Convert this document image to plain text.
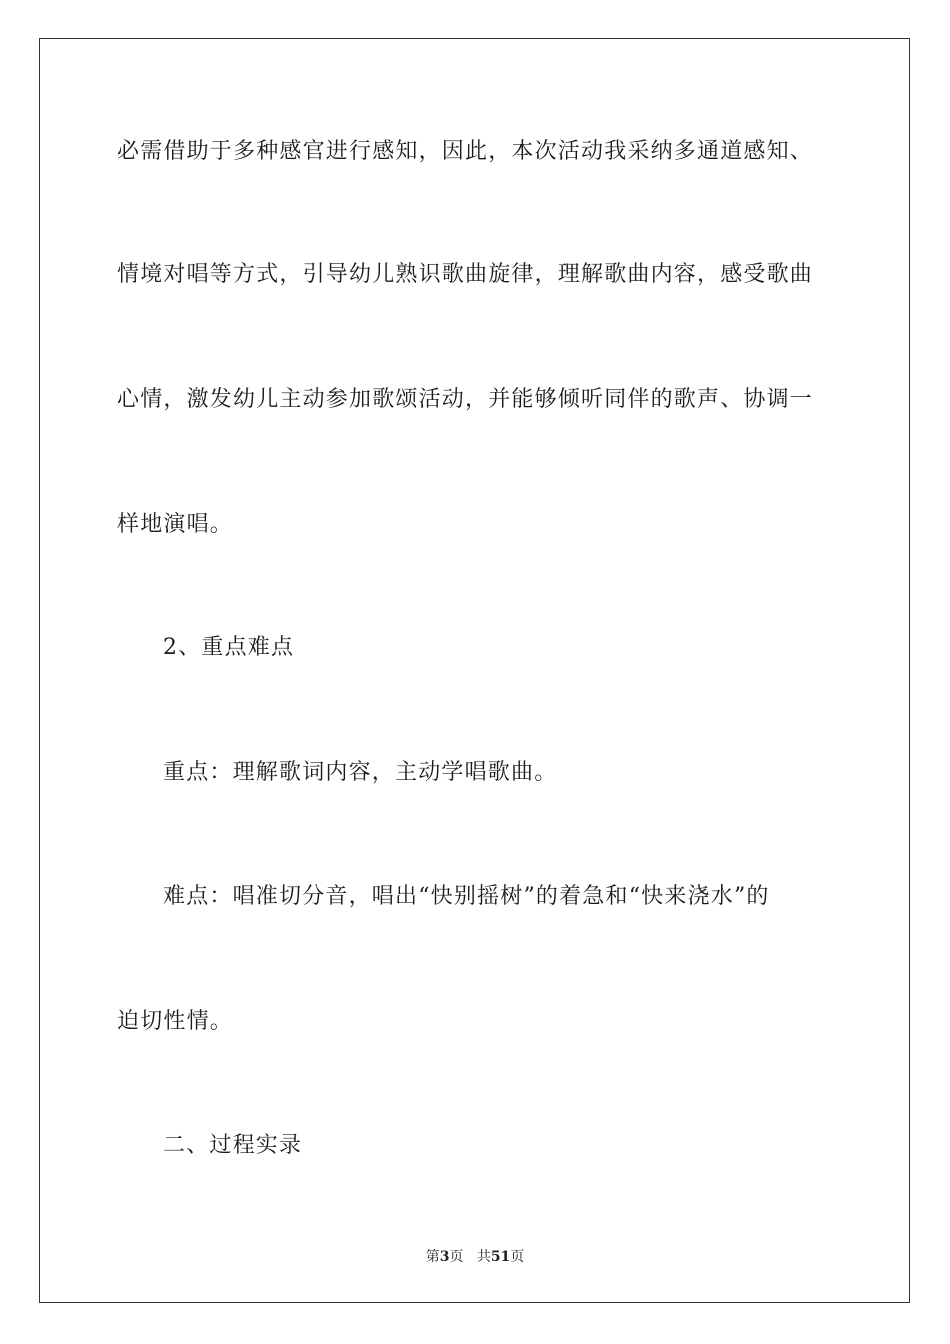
必需借助于多种感官进行感知，因此，本次活动我采纳多通道感知、
情境对唱等方式，引导幼儿熟识歌曲旋律，理解歌曲内容，感受歌曲
心情，激发幼儿主动参加歌颂活动，并能够倾听同伴的歌声、协调一
样地演唱。
2、重点难点
重点：理解歌词内容，主动学唱歌曲。
难点：唱准切分音，唱出“快别摇树”的着急和“快来浇水”的
迫切性情。
二、过程实录
第3页 共51页
